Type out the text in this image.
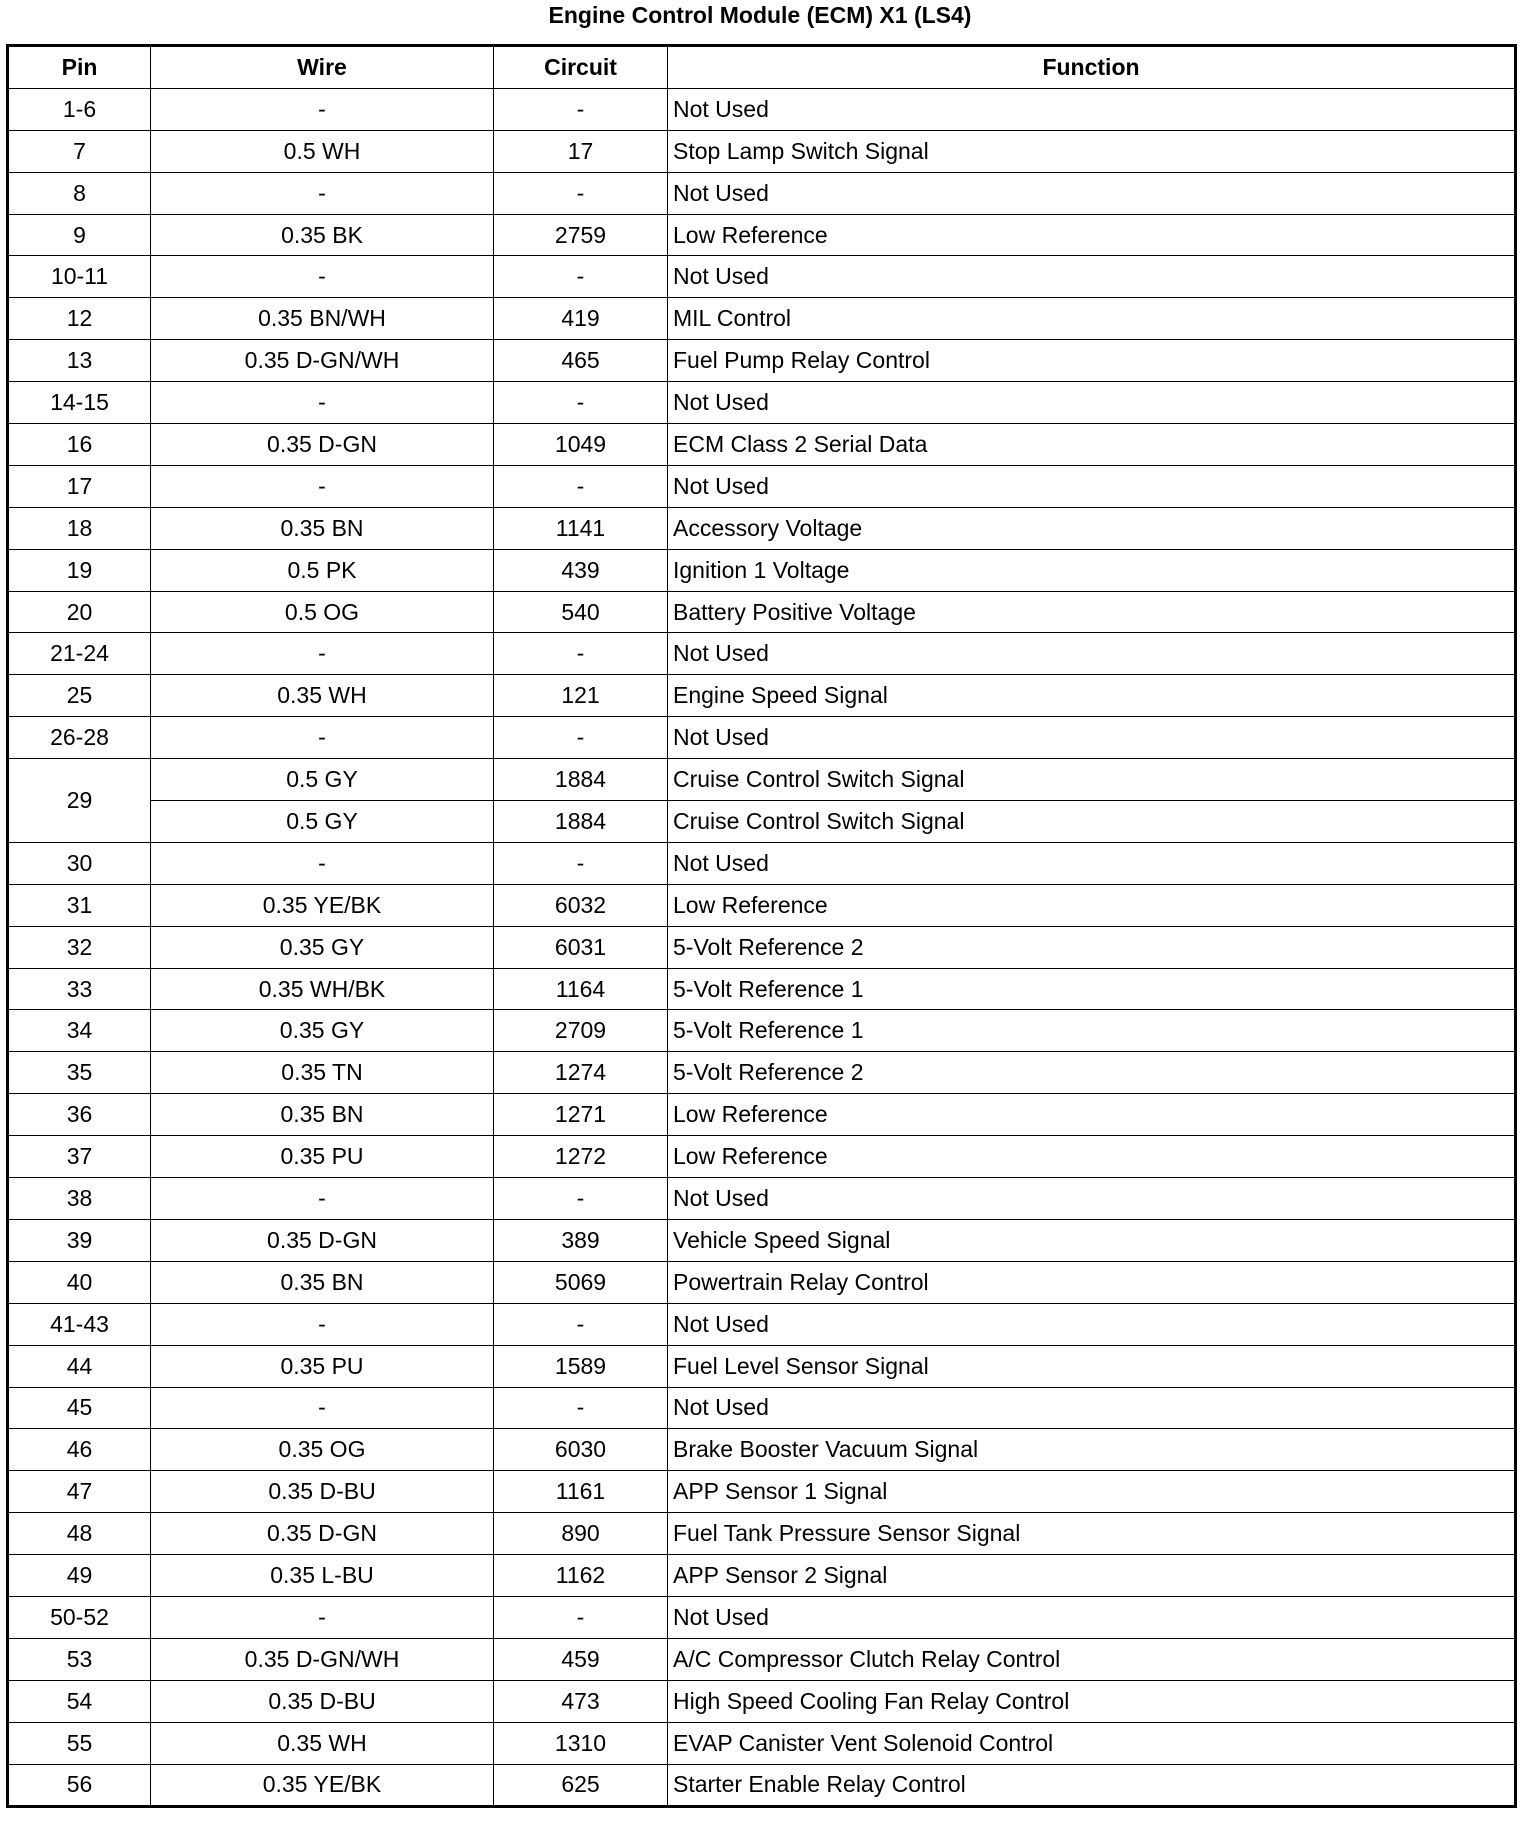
Engine Control Module (ECM) X1 (LS4)
Pin	Wire	Circuit	Function
1-6	-	-	Not Used
7	0.5 WH	17	Stop Lamp Switch Signal
8	-	-	Not Used
9	0.35 BK	2759	Low Reference
10-11	-	-	Not Used
12	0.35 BN/WH	419	MIL Control
13	0.35 D-GN/WH	465	Fuel Pump Relay Control
14-15	-	-	Not Used
16	0.35 D-GN	1049	ECM Class 2 Serial Data
17	-	-	Not Used
18	0.35 BN	1141	Accessory Voltage
19	0.5 PK	439	Ignition 1 Voltage
20	0.5 OG	540	Battery Positive Voltage
21-24	-	-	Not Used
25	0.35 WH	121	Engine Speed Signal
26-28	-	-	Not Used
29	0.5 GY	1884	Cruise Control Switch Signal
	0.5 GY	1884	Cruise Control Switch Signal
30	-	-	Not Used
31	0.35 YE/BK	6032	Low Reference
32	0.35 GY	6031	5-Volt Reference 2
33	0.35 WH/BK	1164	5-Volt Reference 1
34	0.35 GY	2709	5-Volt Reference 1
35	0.35 TN	1274	5-Volt Reference 2
36	0.35 BN	1271	Low Reference
37	0.35 PU	1272	Low Reference
38	-	-	Not Used
39	0.35 D-GN	389	Vehicle Speed Signal
40	0.35 BN	5069	Powertrain Relay Control
41-43	-	-	Not Used
44	0.35 PU	1589	Fuel Level Sensor Signal
45	-	-	Not Used
46	0.35 OG	6030	Brake Booster Vacuum Signal
47	0.35 D-BU	1161	APP Sensor 1 Signal
48	0.35 D-GN	890	Fuel Tank Pressure Sensor Signal
49	0.35 L-BU	1162	APP Sensor 2 Signal
50-52	-	-	Not Used
53	0.35 D-GN/WH	459	A/C Compressor Clutch Relay Control
54	0.35 D-BU	473	High Speed Cooling Fan Relay Control
55	0.35 WH	1310	EVAP Canister Vent Solenoid Control
56	0.35 YE/BK	625	Starter Enable Relay Control
